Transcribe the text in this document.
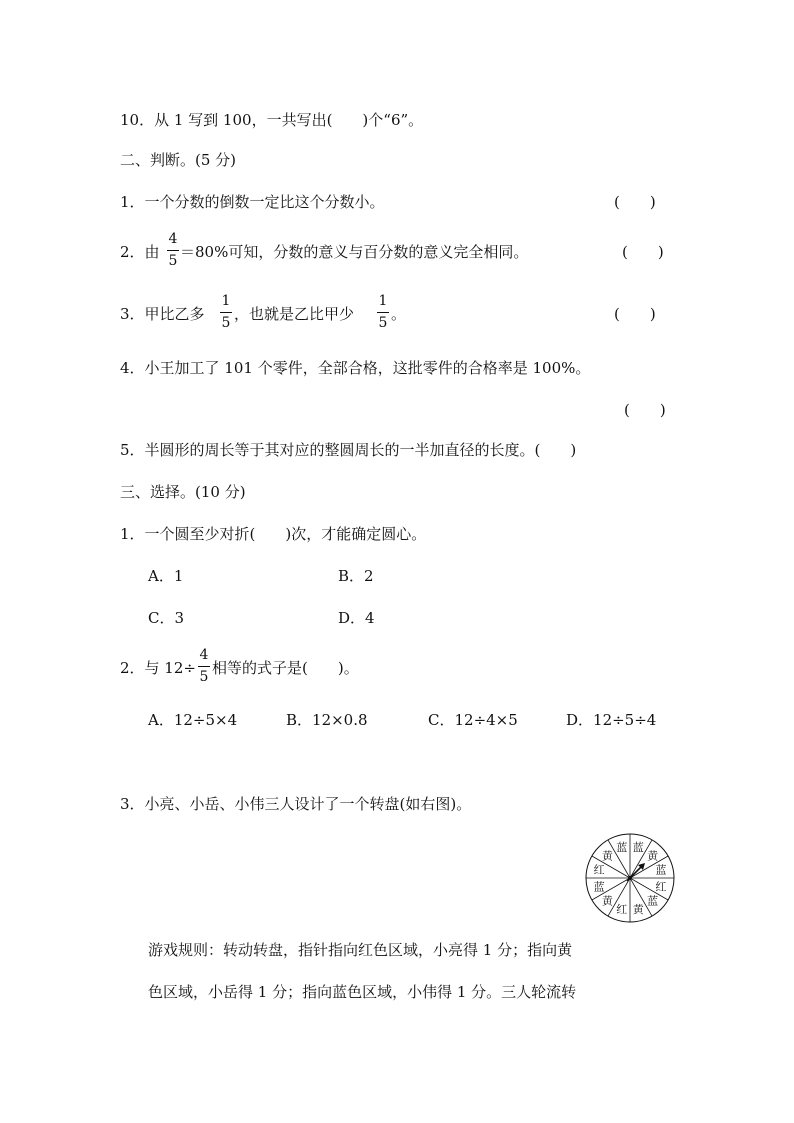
10．从 1 写到 100，一共写出(　　)个“6”。
二、判断。(5 分)
1．一个分数的倒数一定比这个分数小。	(　　)
2．由
4
5 ＝80%可知，分数的意义与百分数的意义完全相同。	(　　)
3．甲比乙多
1
5 ，也就是乙比甲少
1
5 。	(　　)
4．小王加工了 101 个零件，全部合格，这批零件的合格率是 100%。
(　　)
5．半圆形的周长等于其对应的整圆周长的一半加直径的长度。(　　)
三、选择。(10 分)
1．一个圆至少对折(　　)次，才能确定圆心。
A．1	B．2
C．3	D．4
2．与 12÷
4
5 相等的式子是(　　)。
A．12÷5×4	B．12×0.8	C．12÷4×5	D．12÷5÷4
3．小亮、小岳、小伟三人设计了一个转盘(如右图)。
蓝
黄
蓝
红
蓝
黄
红
黄
蓝
红
黄
蓝
游戏规则：转动转盘，指针指向红色区域，小亮得 1 分；指向黄
色区域，小岳得 1 分；指向蓝色区域，小伟得 1 分。三人轮流转
